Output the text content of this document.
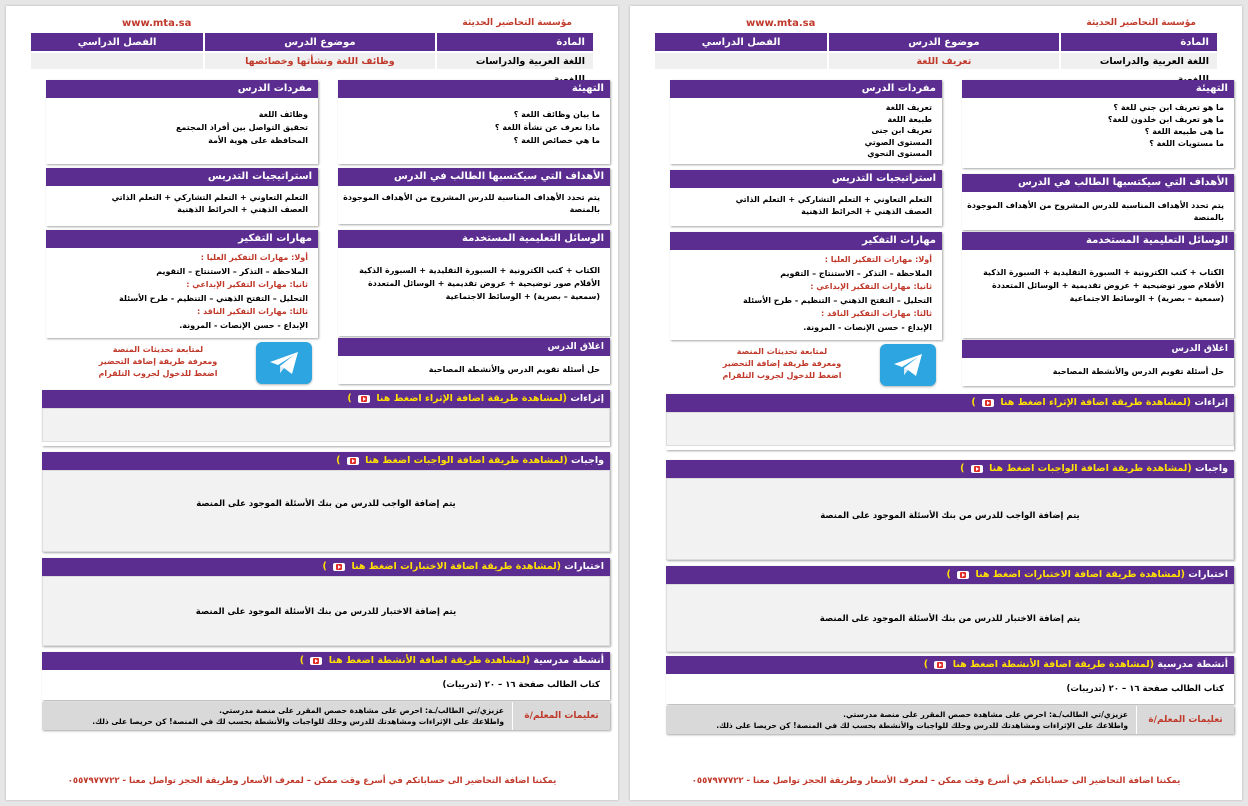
www.mta.sa	مؤسسة التحاضير الحديثة
المادة
موضوع الدرس
الفصل الدراسي
اللغة العربية والدراسات
تعريف اللغة
التهيئة
ما هو تعريف ابن جني للغة ؟
ما هو تعريف ابن خلدون للغة؟
ما هى طبيعة اللغة ؟
ما مستويات اللغة ؟
مفردات الدرس
تعريف اللغة
طبيعة اللغة
تعريف ابن جنى
المستوى الصوتي
المستوى النحوي
الأهداف التي سيكتسبها الطالب في الدرس
يتم تحدد الأهداف المناسبة للدرس المشروح من الأهداف الموجودة
بالمنصة
استراتيجيات التدريس
التعلم التعاوني + التعلم التشاركي + التعلم الذاتي
العصف الذهني + الخرائط الذهنية
الوسائل التعليمية المستخدمة
الكتاب + كتب الكترونية + السبورة التقليدية + السبورة الذكية
الأقلام صور توضيحية + عروض تقديمية + الوسائل المتعددة
(سمعية – بصرية) + الوسائط الاجتماعية
مهارات التفكير
أولا: مهارات التفكير العليا :
الملاحظة – التذكر – الاستنتاج – التقويم
ثانيا: مهارات التفكير الإبداعي :
التحليل – التفتح الذهني – التنظيم - طرح الأسئلة
ثالثا: مهارات التفكير الناقد :
الإبداع - حسن الإنصات - المرونة.
اغلاق الدرس
حل أسئلة تقويم الدرس والأنشطة المصاحبة
لمتابعة تحديثات المنصة
ومعرفة طريقة إضافة التحضير
اضغط للدخول لجروب التلقرام
إثراءات (لمشاهدة طريقة اضافة الإثراء اضغط هنا
)
واجبات (لمشاهدة طريقة اضافة الواجبات اضغط هنا
)
يتم إضافة الواجب للدرس من بنك الأسئلة الموجود على المنصة
اختبارات (لمشاهدة طريقة اضافة الاختبارات اضغط هنا
)
يتم إضافة الاختبار للدرس من بنك الأسئلة الموجود على المنصة
أنشطة مدرسية (لمشاهدة طريقة اضافة الأنشطة اضغط هنا
)
كتاب الطالب صفحة ١٦ – ٢٠ (تدريبات)
تعليمات المعلم/ة
عزيزي/تي الطالب/ـة: احرص على مشاهدة حصص المقرر على منصة مدرستي.
واطلاعك على الإثراءات ومشاهدتك للدرس وحلك للواجبات والأنشطة بحسب لك في المنصة! كن حريصا على ذلك.
يمكننا اضافة التحاضير الى حساباتكم في أسرع وقت ممكن – لمعرف الأسعار وطريقة الحجز تواصل معنا - ٠٥٥٧٩٧٧٧٢٢
www.mta.sa	مؤسسة التحاضير الحديثة
المادة
موضوع الدرس
الفصل الدراسي
اللغة العربية والدراسات
وظائف اللغة ونشأتها وخصائصها
التهيئة
ما بيان وظائف اللغة ؟
ماذا نعرف عن نشأة اللغة ؟
ما هي خصائص اللغة ؟
مفردات الدرس
وظائف اللغة
تحقيق التواصل بين أفراد المجتمع
المحافظة على هوية الأمة
الأهداف التي سيكتسبها الطالب في الدرس
يتم تحدد الأهداف المناسبة للدرس المشروح من الأهداف الموجودة
بالمنصة
استراتيجيات التدريس
التعلم التعاوني + التعلم التشاركي + التعلم الذاتي
العصف الذهني + الخرائط الذهنية
الوسائل التعليمية المستخدمة
الكتاب + كتب الكترونية + السبورة التقليدية + السبورة الذكية
الأقلام صور توضيحية + عروض تقديمية + الوسائل المتعددة
(سمعية – بصرية) + الوسائط الاجتماعية
مهارات التفكير
أولا: مهارات التفكير العليا :
الملاحظة – التذكر – الاستنتاج – التقويم
ثانيا: مهارات التفكير الإبداعي :
التحليل – التفتح الذهني – التنظيم - طرح الأسئلة
ثالثا: مهارات التفكير الناقد :
الإبداع - حسن الإنصات - المرونة.
اغلاق الدرس
حل أسئلة تقويم الدرس والأنشطة المصاحبة
لمتابعة تحديثات المنصة
ومعرفة طريقة إضافة التحضير
اضغط للدخول لجروب التلقرام
إثراءات (لمشاهدة طريقة اضافة الإثراء اضغط هنا
)
واجبات (لمشاهدة طريقة اضافة الواجبات اضغط هنا
)
يتم إضافة الواجب للدرس من بنك الأسئلة الموجود على المنصة
اختبارات (لمشاهدة طريقة اضافة الاختبارات اضغط هنا
)
يتم إضافة الاختبار للدرس من بنك الأسئلة الموجود على المنصة
أنشطة مدرسية (لمشاهدة طريقة اضافة الأنشطة اضغط هنا
)
كتاب الطالب صفحة ١٦ – ٢٠ (تدريبات)
تعليمات المعلم/ة
عزيزي/تي الطالب/ـة: احرص على مشاهدة حصص المقرر على منصة مدرستي.
واطلاعك على الإثراءات ومشاهدتك للدرس وحلك للواجبات والأنشطة بحسب لك في المنصة! كن حريصا على ذلك.
يمكننا اضافة التحاضير الى حساباتكم في أسرع وقت ممكن – لمعرف الأسعار وطريقة الحجز تواصل معنا - ٠٥٥٧٩٧٧٧٢٢
